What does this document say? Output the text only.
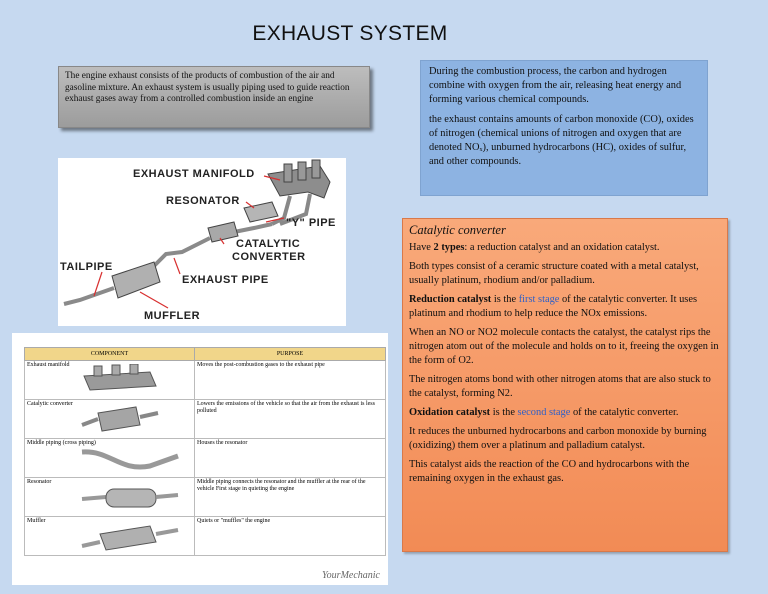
EXHAUST SYSTEM
The engine exhaust consists of the products of combustion of the air and gasoline mixture. An exhaust system is usually piping used to guide reaction exhaust gases away from a controlled combustion inside an engine

During the combustion process, the carbon and hydrogen combine with oxygen from the air, releasing heat energy and forming various chemical compounds.

the exhaust contains amounts of carbon monoxide (CO), oxides of nitrogen (chemical unions of nitrogen and oxygen that are denoted NOₓ), unburned hydrocarbons (HC), oxides of sulfur, and other compounds.

EXHAUST MANIFOLD
RESONATOR
"Y" PIPE
CATALYTIC
CONVERTER
TAILPIPE
EXHAUST PIPE
MUFFLER
COMPONENT	PURPOSE
Exhaust manifold	Moves the post-combustion gases to the exhaust pipe
Catalytic converter	Lowers the emissions of the vehicle so that the air from the exhaust is less polluted
Middle piping (cross piping)	Houses the resonator
Resonator	Middle piping connects the resonator and the muffler at the rear of the vehicle First stage in quieting the engine
Muffler	Quiets or "muffles" the engine
YourMechanic
Catalytic converter

Have 2 types: a reduction catalyst and an oxidation catalyst.

Both types consist of a ceramic structure coated with a metal catalyst, usually platinum, rhodium and/or palladium.

Reduction catalyst is the first stage of the catalytic converter. It uses platinum and rhodium to help reduce the NOx emissions.

When an NO or NO2 molecule contacts the catalyst, the catalyst rips the nitrogen atom out of the molecule and holds on to it, freeing the oxygen in the form of O2.

The nitrogen atoms bond with other nitrogen atoms that are also stuck to the catalyst, forming N2.

Oxidation catalyst is the second stage of the catalytic converter.

It reduces the unburned hydrocarbons and carbon monoxide by burning (oxidizing) them over a platinum and palladium catalyst.

This catalyst aids the reaction of the CO and hydrocarbons with the remaining oxygen in the exhaust gas.
